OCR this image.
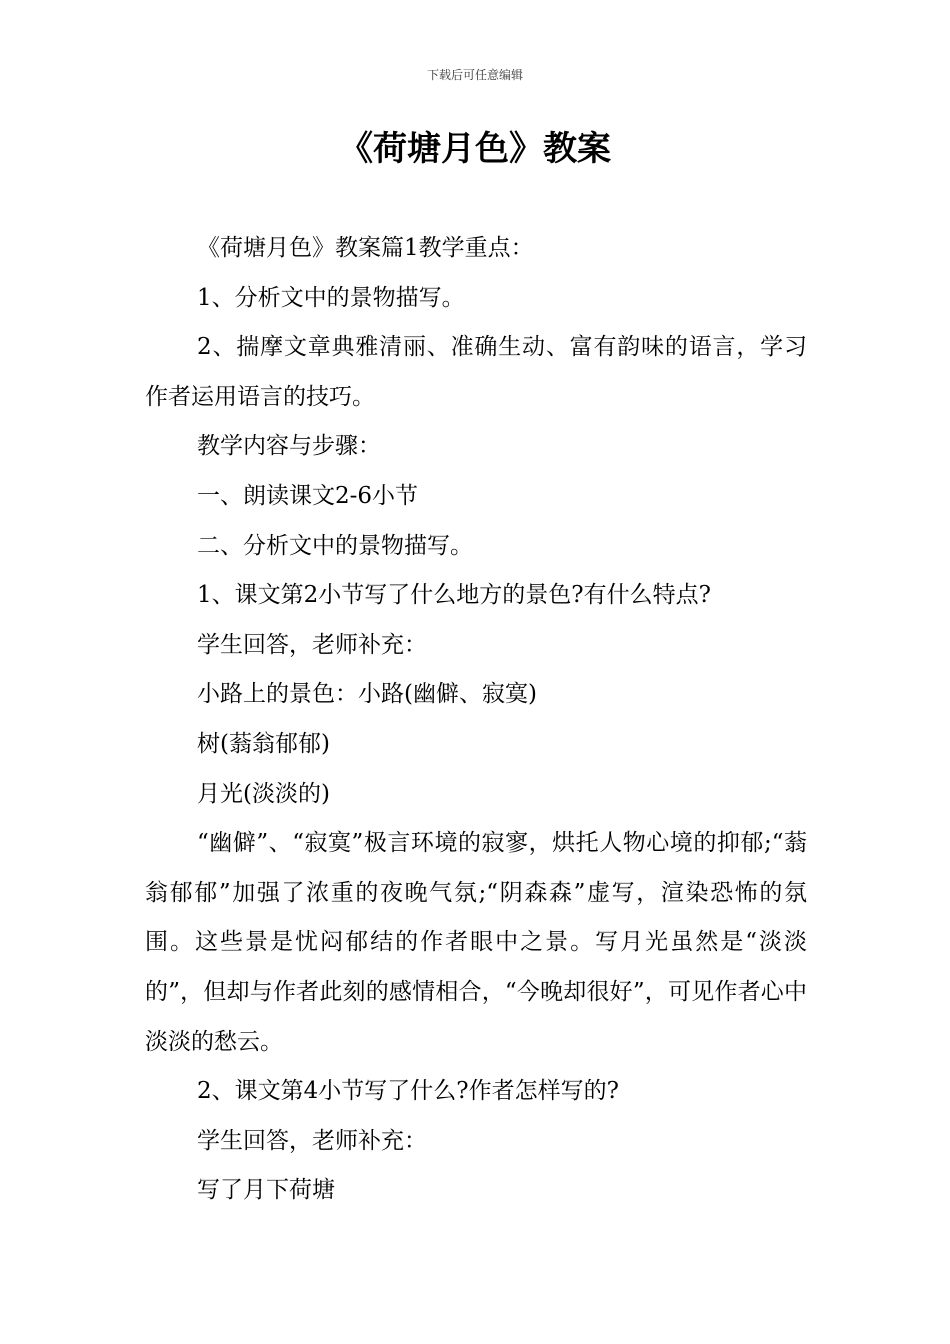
下载后可任意编辑
《荷塘月色》教案

《荷塘月色》教案篇1教学重点：

1、分析文中的景物描写。

2、揣摩文章典雅清丽、准确生动、富有韵味的语言，学习作者运用语言的技巧。

教学内容与步骤：

一、朗读课文2-6小节

二、分析文中的景物描写。

1、课文第2小节写了什么地方的景色?有什么特点?

学生回答，老师补充：

小路上的景色：小路(幽僻、寂寞)

树(蓊翁郁郁)

月光(淡淡的)

“幽僻”、“寂寞”极言环境的寂寥，烘托人物心境的抑郁;“蓊翁郁郁”加强了浓重的夜晚气氛;“阴森森”虚写，渲染恐怖的氛围。这些景是忧闷郁结的作者眼中之景。写月光虽然是“淡淡的”，但却与作者此刻的感情相合，“今晚却很好”，可见作者心中淡淡的愁云。

2、课文第4小节写了什么?作者怎样写的?

学生回答，老师补充：

写了月下荷塘
